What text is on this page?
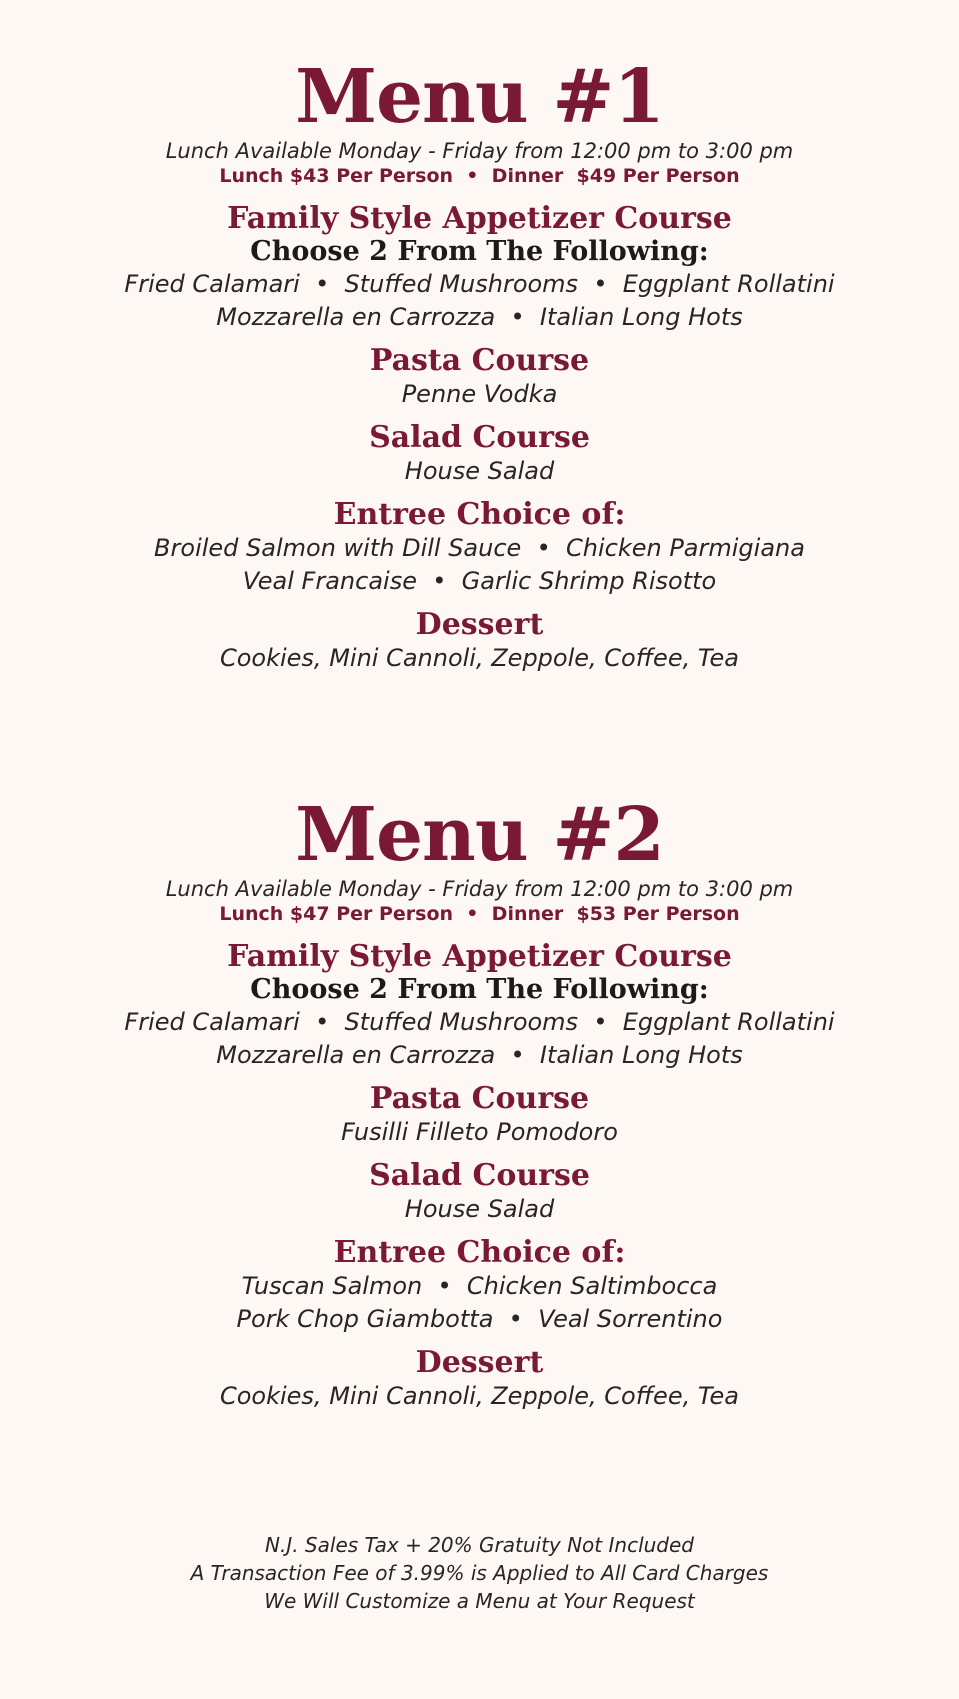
Menu #1
Lunch Available Monday - Friday from 12:00 pm to 3:00 pm
Lunch $43 Per Person  •  Dinner  $49 Per Person
Family Style Appetizer Course
Choose 2 From The Following:
Fried Calamari  •  Stuffed Mushrooms  •  Eggplant Rollatini
Mozzarella en Carrozza  •  Italian Long Hots
Pasta Course
Penne Vodka
Salad Course
House Salad
Entree Choice of:
Broiled Salmon with Dill Sauce  •  Chicken Parmigiana
Veal Francaise  •  Garlic Shrimp Risotto
Dessert
Cookies, Mini Cannoli, Zeppole, Coffee, Tea
Menu #2
Lunch Available Monday - Friday from 12:00 pm to 3:00 pm
Lunch $47 Per Person  •  Dinner  $53 Per Person
Family Style Appetizer Course
Choose 2 From The Following:
Fried Calamari  •  Stuffed Mushrooms  •  Eggplant Rollatini
Mozzarella en Carrozza  •  Italian Long Hots
Pasta Course
Fusilli Filleto Pomodoro
Salad Course
House Salad
Entree Choice of:
Tuscan Salmon  •  Chicken Saltimbocca
Pork Chop Giambotta  •  Veal Sorrentino
Dessert
Cookies, Mini Cannoli, Zeppole, Coffee, Tea
N.J. Sales Tax + 20% Gratuity Not Included
A Transaction Fee of 3.99% is Applied to All Card Charges
We Will Customize a Menu at Your Request
